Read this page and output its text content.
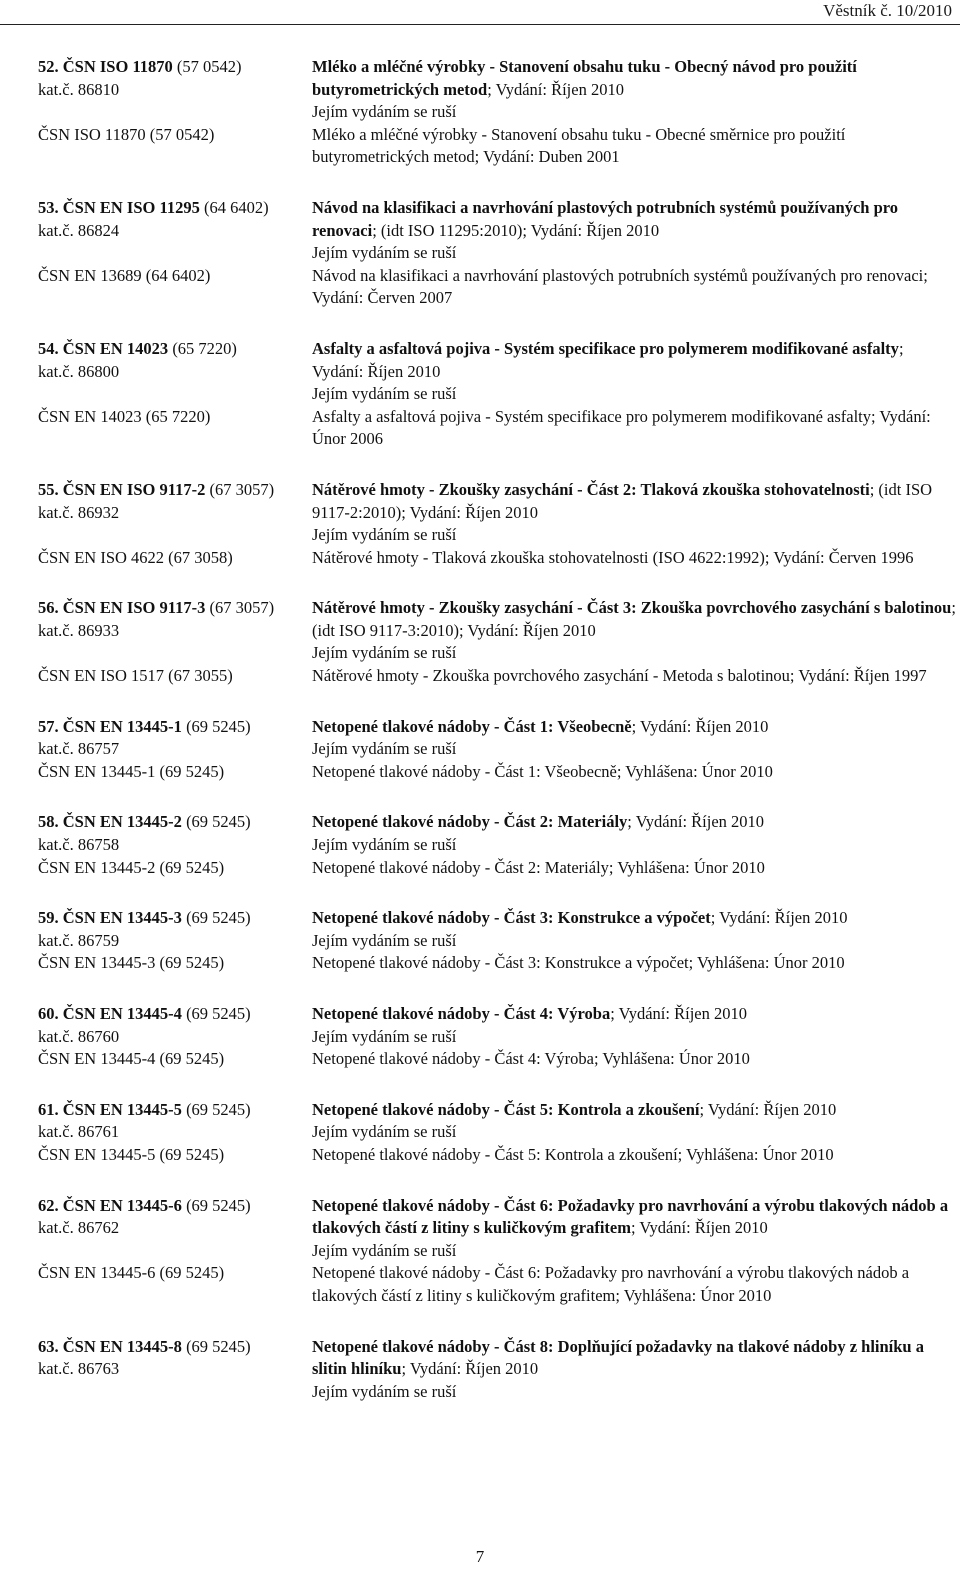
Věstník č. 10/2010
52. ČSN ISO 11870 (57 0542)	Mléko a mléčné výrobky - Stanovení obsahu tuku - Obecný návod pro použití butyrometrických metod; Vydání: Říjen 2010
kat.č. 86810
Jejím vydáním se ruší
ČSN ISO 11870 (57 0542)	Mléko a mléčné výrobky - Stanovení obsahu tuku - Obecné směrnice pro použití butyrometrických metod; Vydání: Duben 2001
53. ČSN EN ISO 11295 (64 6402)	Návod na klasifikaci a navrhování plastových potrubních systémů používaných pro renovaci; (idt ISO 11295:2010); Vydání: Říjen 2010
kat.č. 86824
Jejím vydáním se ruší
ČSN EN 13689 (64 6402)	Návod na klasifikaci a navrhování plastových potrubních systémů používaných pro renovaci; Vydání: Červen 2007
54. ČSN EN 14023 (65 7220)	Asfalty a asfaltová pojiva - Systém specifikace pro polymerem modifikované asfalty; Vydání: Říjen 2010
kat.č. 86800
Jejím vydáním se ruší
ČSN EN 14023 (65 7220)	Asfalty a asfaltová pojiva - Systém specifikace pro polymerem modifikované asfalty; Vydání: Únor 2006
55. ČSN EN ISO 9117-2 (67 3057)	Nátěrové hmoty - Zkoušky zasychání - Část 2: Tlaková zkouška stohovatelnosti; (idt ISO 9117-2:2010); Vydání: Říjen 2010
kat.č. 86932
Jejím vydáním se ruší
ČSN EN ISO 4622 (67 3058)	Nátěrové hmoty - Tlaková zkouška stohovatelnosti (ISO 4622:1992); Vydání: Červen 1996
56. ČSN EN ISO 9117-3 (67 3057)	Nátěrové hmoty - Zkoušky zasychání - Část 3: Zkouška povrchového zasychání s balotinou; (idt ISO 9117-3:2010); Vydání: Říjen 2010
kat.č. 86933
Jejím vydáním se ruší
ČSN EN ISO 1517 (67 3055)	Nátěrové hmoty - Zkouška povrchového zasychání - Metoda s balotinou; Vydání: Říjen 1997
57. ČSN EN 13445-1 (69 5245)	Netopené tlakové nádoby - Část 1: Všeobecně; Vydání: Říjen 2010
kat.č. 86757	Jejím vydáním se ruší
ČSN EN 13445-1 (69 5245)	Netopené tlakové nádoby - Část 1: Všeobecně; Vyhlášena: Únor 2010
58. ČSN EN 13445-2 (69 5245)	Netopené tlakové nádoby - Část 2: Materiály; Vydání: Říjen 2010
kat.č. 86758	Jejím vydáním se ruší
ČSN EN 13445-2 (69 5245)	Netopené tlakové nádoby - Část 2: Materiály; Vyhlášena: Únor 2010
59. ČSN EN 13445-3 (69 5245)	Netopené tlakové nádoby - Část 3: Konstrukce a výpočet; Vydání: Říjen 2010
kat.č. 86759	Jejím vydáním se ruší
ČSN EN 13445-3 (69 5245)	Netopené tlakové nádoby - Část 3: Konstrukce a výpočet; Vyhlášena: Únor 2010
60. ČSN EN 13445-4 (69 5245)	Netopené tlakové nádoby - Část 4: Výroba; Vydání: Říjen 2010
kat.č. 86760	Jejím vydáním se ruší
ČSN EN 13445-4 (69 5245)	Netopené tlakové nádoby - Část 4: Výroba; Vyhlášena: Únor 2010
61. ČSN EN 13445-5 (69 5245)	Netopené tlakové nádoby - Část 5: Kontrola a zkoušení; Vydání: Říjen 2010
kat.č. 86761	Jejím vydáním se ruší
ČSN EN 13445-5 (69 5245)	Netopené tlakové nádoby - Část 5: Kontrola a zkoušení; Vyhlášena: Únor 2010
62. ČSN EN 13445-6 (69 5245)	Netopené tlakové nádoby - Část 6: Požadavky pro navrhování a výrobu tlakových nádob a tlakových částí z litiny s kuličkovým grafitem; Vydání: Říjen 2010
kat.č. 86762
Jejím vydáním se ruší
ČSN EN 13445-6 (69 5245)	Netopené tlakové nádoby - Část 6: Požadavky pro navrhování a výrobu tlakových nádob a tlakových částí z litiny s kuličkovým grafitem; Vyhlášena: Únor 2010
63. ČSN EN 13445-8 (69 5245)	Netopené tlakové nádoby - Část 8: Doplňující požadavky na tlakové nádoby z hliníku a slitin hliníku; Vydání: Říjen 2010
kat.č. 86763
Jejím vydáním se ruší
7
